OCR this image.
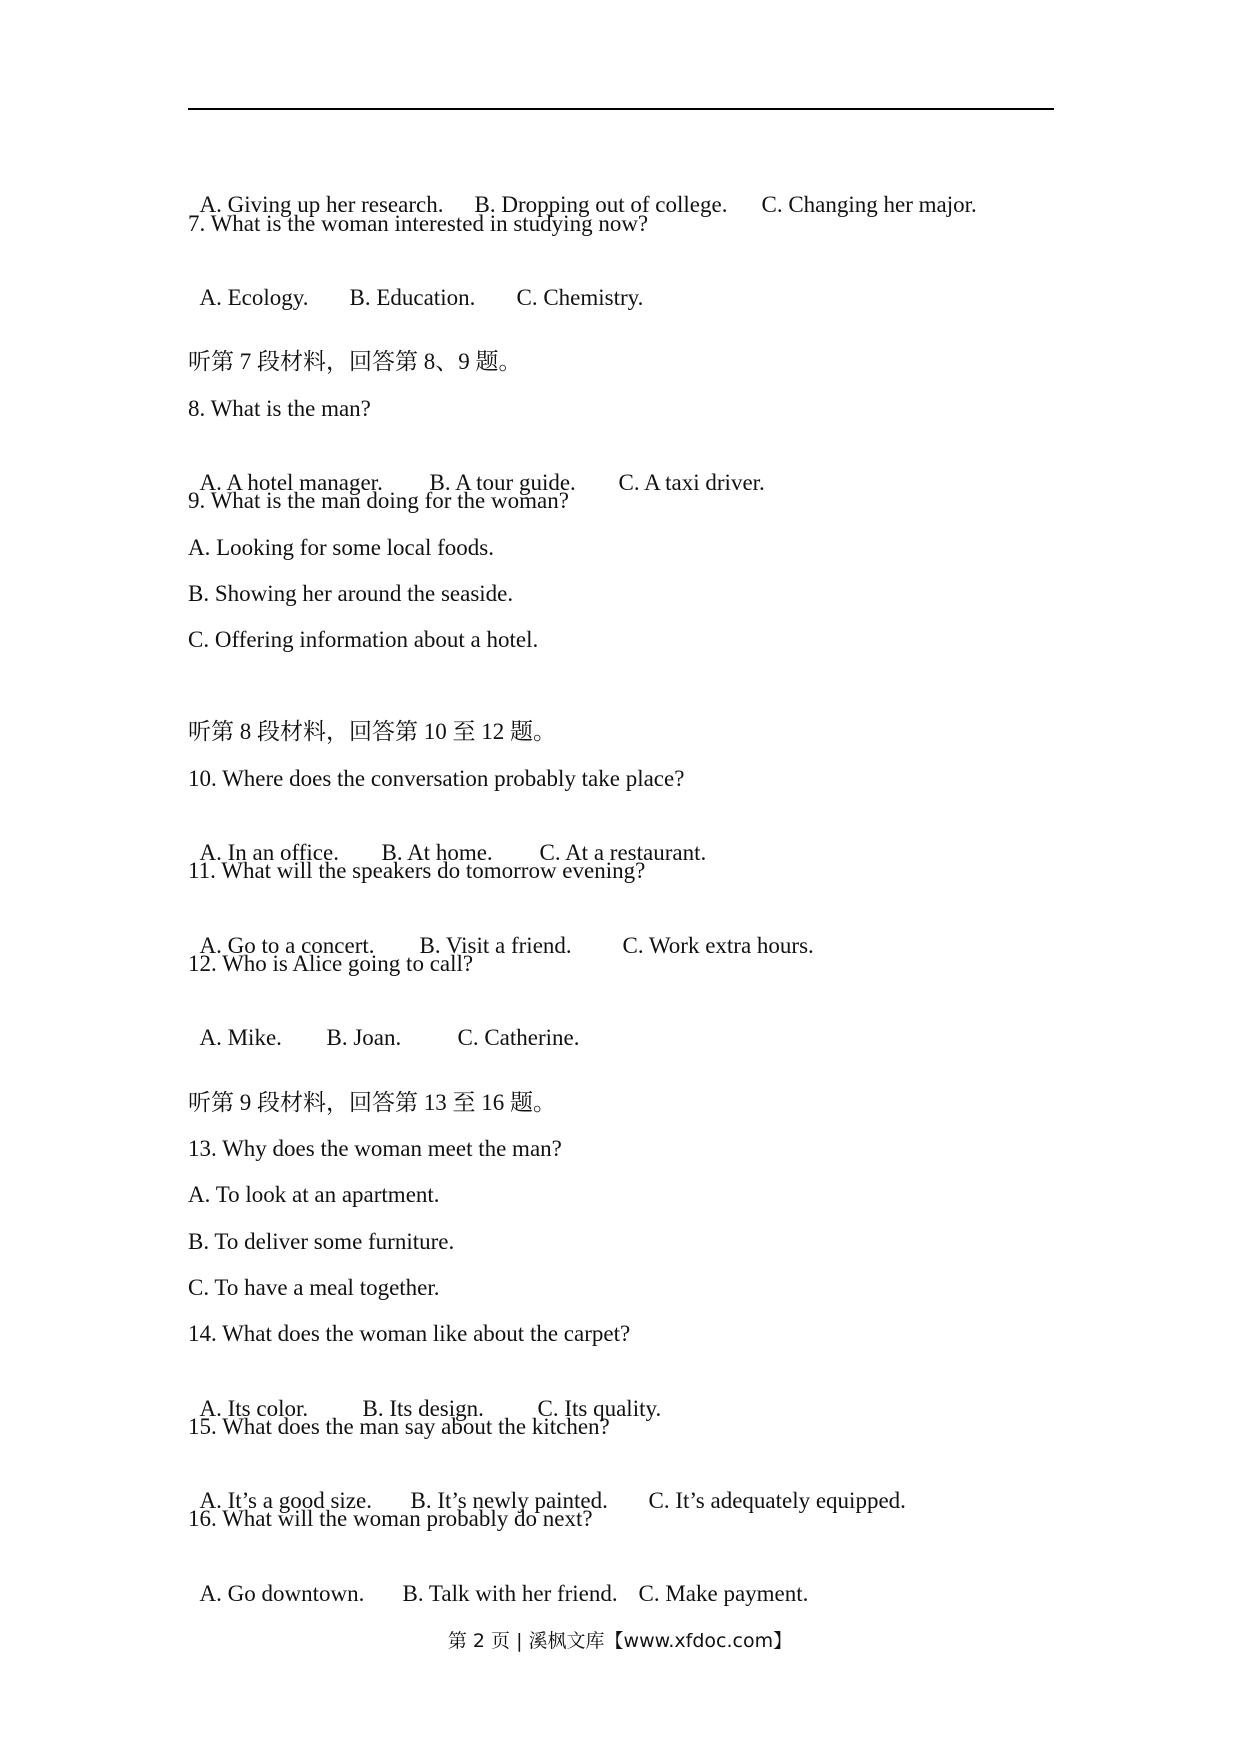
A. Giving up her research. B. Dropping out of college. C. Changing her major.

7. What is the woman interested in studying now?

A. Ecology. B. Education. C. Chemistry.

听第 7 段材料，回答第 8、9 题。
8. What is the man?

A. A hotel manager. B. A tour guide. C. A taxi driver.

9. What is the man doing for the woman?
A. Looking for some local foods.
B. Showing her around the seaside.
C. Offering information about a hotel.
听第 8 段材料，回答第 10 至 12 题。
10. Where does the conversation probably take place?

A. In an office. B. At home. C. At a restaurant.

11. What will the speakers do tomorrow evening?

A. Go to a concert. B. Visit a friend. C. Work extra hours.

12. Who is Alice going to call?

A. Mike. B. Joan. C. Catherine.

听第 9 段材料，回答第 13 至 16 题。
13. Why does the woman meet the man?
A. To look at an apartment.
B. To deliver some furniture.
C. To have a meal together.
14. What does the woman like about the carpet?

A. Its color. B. Its design. C. Its quality.

15. What does the man say about the kitchen?

A. It’s a good size. B. It’s newly painted. C. It’s adequately equipped.

16. What will the woman probably do next?

A. Go downtown. B. Talk with her friend. C. Make payment.

第 2 页 | 溪枫文库【www.xfdoc.com】
